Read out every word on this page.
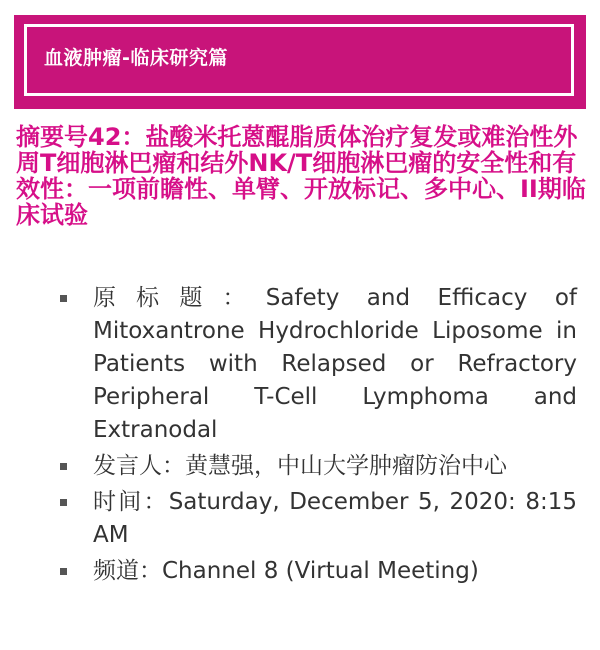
血液肿瘤-临床研究篇
摘要号42：盐酸米托蒽醌脂质体治疗复发或难治性外周T细胞淋巴瘤和结外NK/T细胞淋巴瘤的安全性和有效性：一项前瞻性、单臂、开放标记、多中心、II期临床试验
原标题：Safety and Efficacy of Mitoxantrone Hydrochloride Liposome in Patients with Relapsed or Refractory Peripheral T-Cell Lymphoma and Extranodal
发言人：黄慧强，中山大学肿瘤防治中心
时间：Saturday, December 5, 2020: 8:15 AM
频道：Channel 8 (Virtual Meeting)
